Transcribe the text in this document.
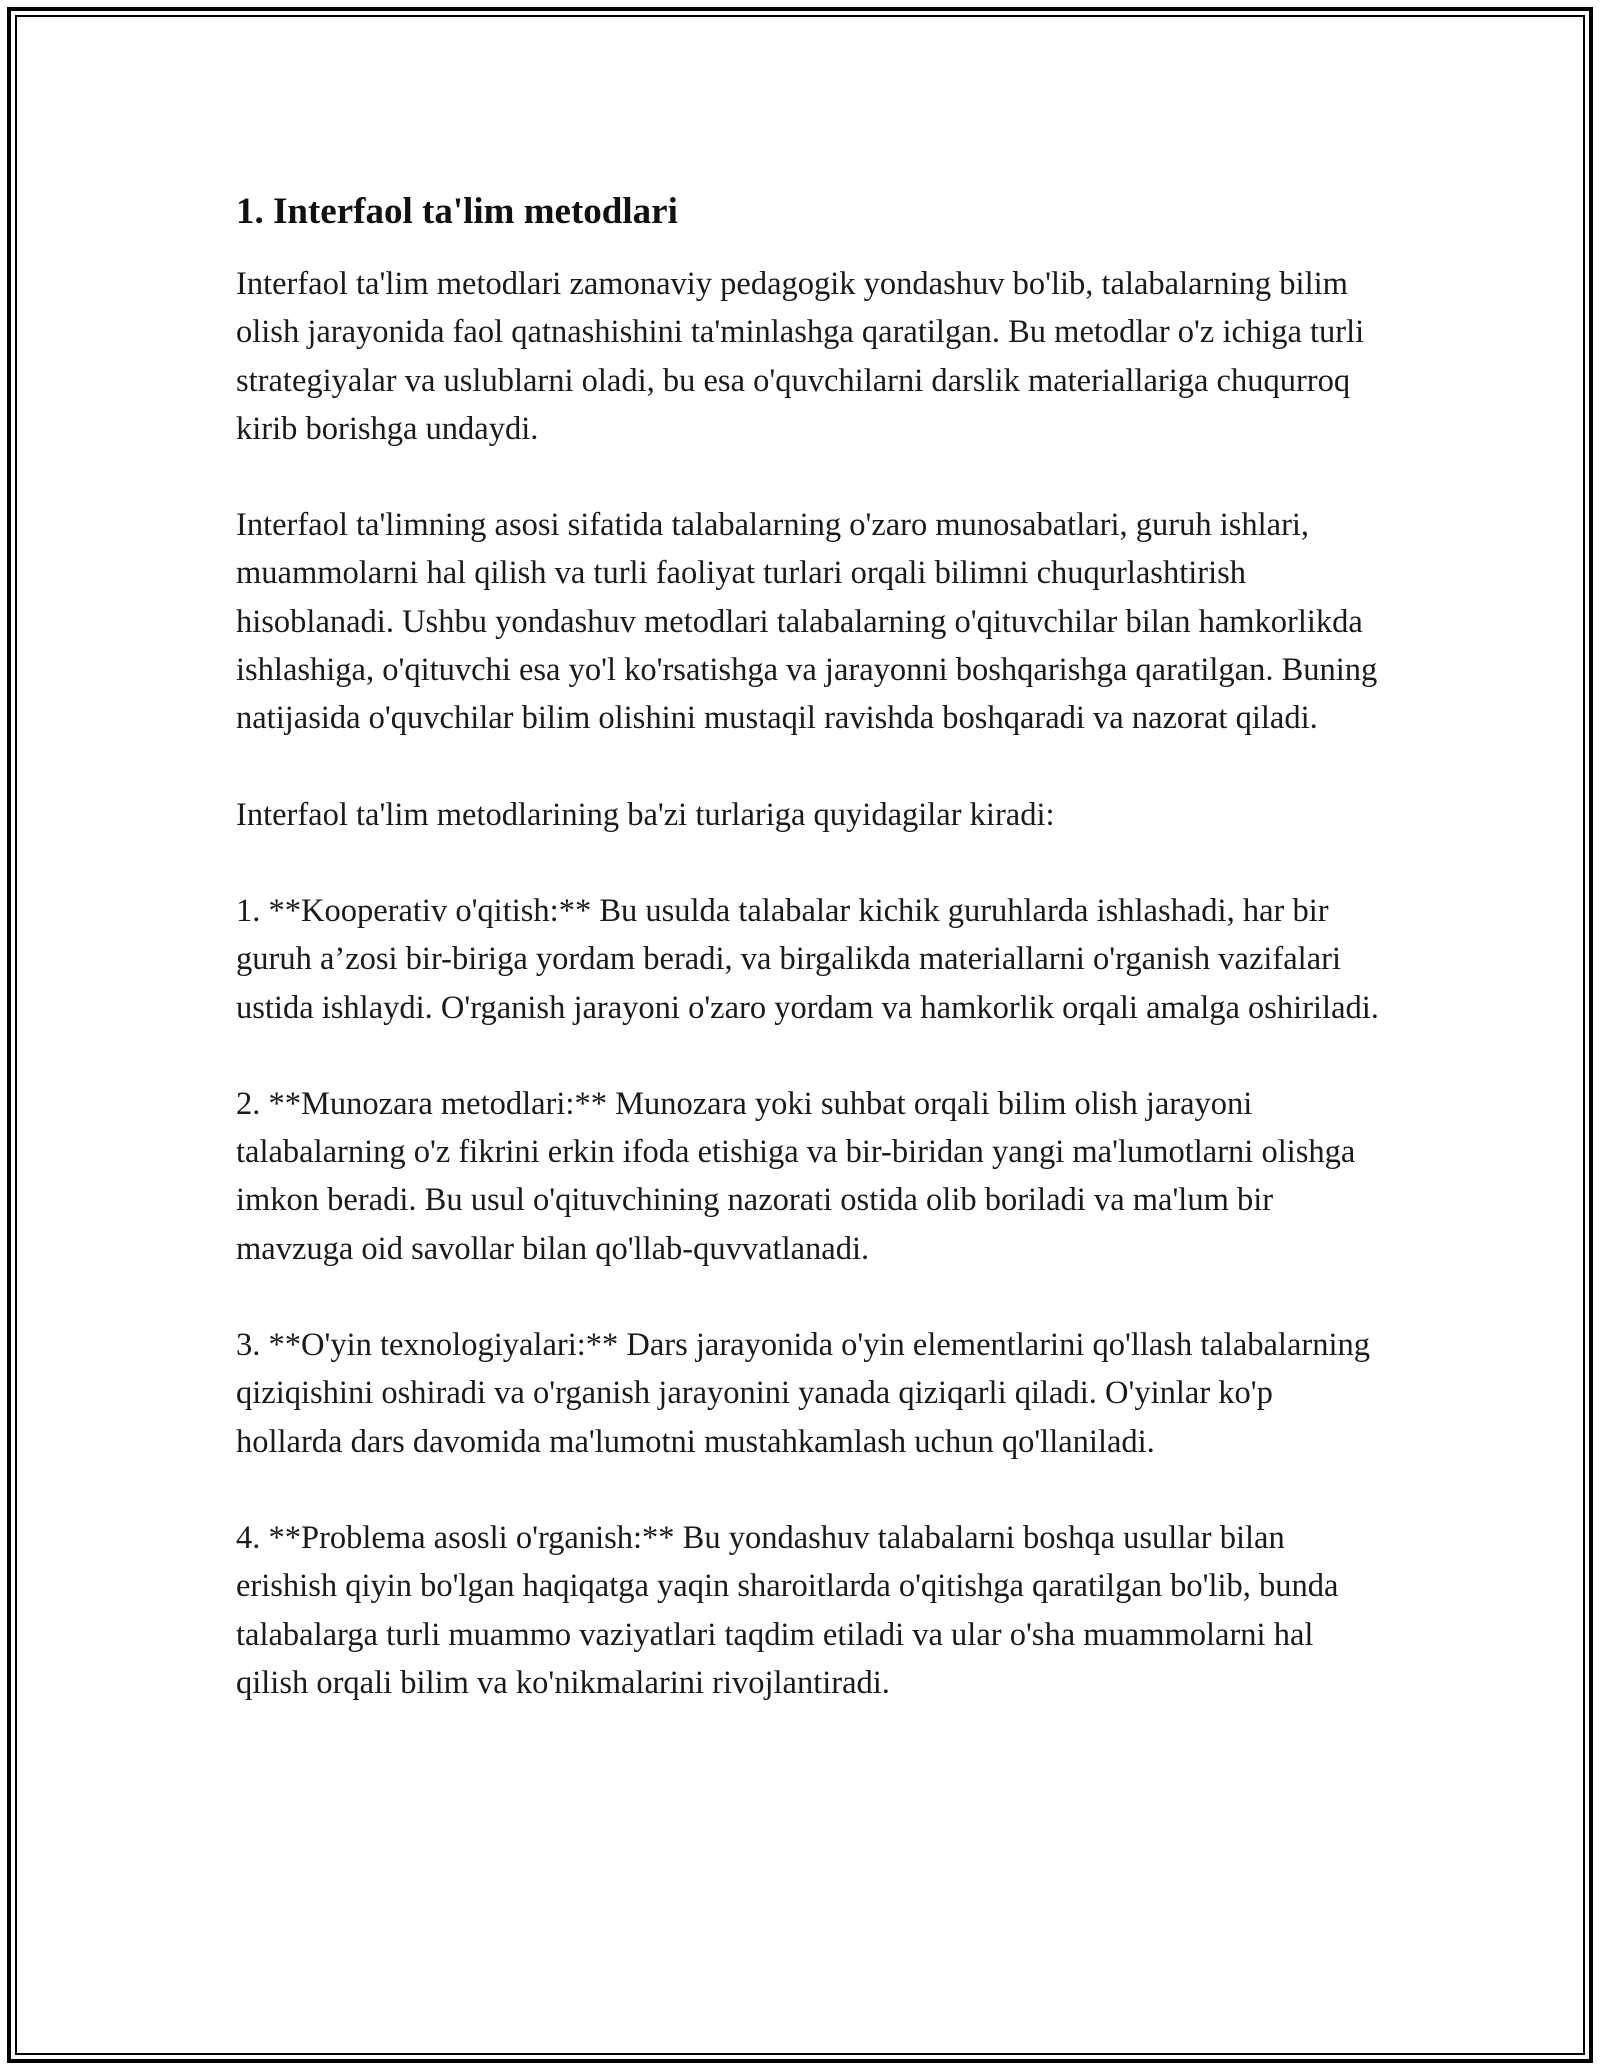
1. Interfaol ta'lim metodlari

Interfaol ta'lim metodlari zamonaviy pedagogik yondashuv bo'lib, talabalarning bilim olish jarayonida faol qatnashishini ta'minlashga qaratilgan. Bu metodlar o'z ichiga turli strategiyalar va uslublarni oladi, bu esa o'quvchilarni darslik materiallariga chuqurroq kirib borishga undaydi.

Interfaol ta'limning asosi sifatida talabalarning o'zaro munosabatlari, guruh ishlari, muammolarni hal qilish va turli faoliyat turlari orqali bilimni chuqurlashtirish hisoblanadi. Ushbu yondashuv metodlari talabalarning o'qituvchilar bilan hamkorlikda ishlashiga, o'qituvchi esa yo'l ko'rsatishga va jarayonni boshqarishga qaratilgan. Buning natijasida o'quvchilar bilim olishini mustaqil ravishda boshqaradi va nazorat qiladi.

Interfaol ta'lim metodlarining ba'zi turlariga quyidagilar kiradi:

1. **Kooperativ o'qitish:** Bu usulda talabalar kichik guruhlarda ishlashadi, har bir guruh a’zosi bir-biriga yordam beradi, va birgalikda materiallarni o'rganish vazifalari ustida ishlaydi. O'rganish jarayoni o'zaro yordam va hamkorlik orqali amalga oshiriladi.

2. **Munozara metodlari:** Munozara yoki suhbat orqali bilim olish jarayoni talabalarning o'z fikrini erkin ifoda etishiga va bir-biridan yangi ma'lumotlarni olishga imkon beradi. Bu usul o'qituvchining nazorati ostida olib boriladi va ma'lum bir mavzuga oid savollar bilan qo'llab-quvvatlanadi.

3. **O'yin texnologiyalari:** Dars jarayonida o'yin elementlarini qo'llash talabalarning qiziqishini oshiradi va o'rganish jarayonini yanada qiziqarli qiladi. O'yinlar ko'p hollarda dars davomida ma'lumotni mustahkamlash uchun qo'llaniladi.

4. **Problema asosli o'rganish:** Bu yondashuv talabalarni boshqa usullar bilan erishish qiyin bo'lgan haqiqatga yaqin sharoitlarda o'qitishga qaratilgan bo'lib, bunda talabalarga turli muammo vaziyatlari taqdim etiladi va ular o'sha muammolarni hal qilish orqali bilim va ko'nikmalarini rivojlantiradi.
